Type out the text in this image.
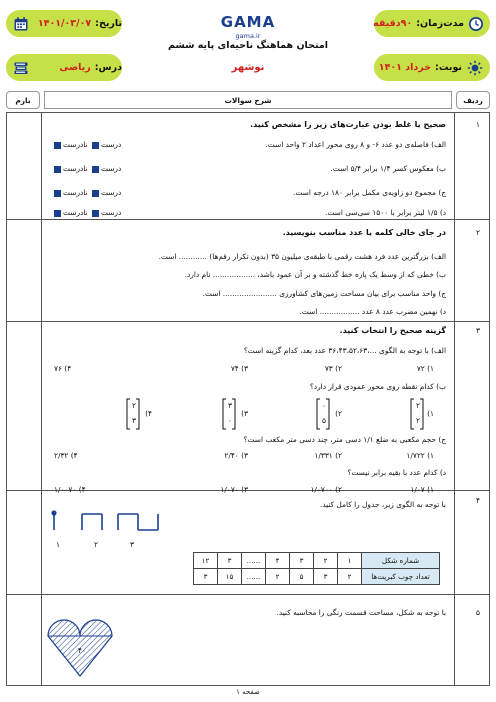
مدت‌زمان:
۹۰دقیقه
GAMA
gama.ir
تاریخ:
۱۴۰۱/۰۳/۰۷
امتحان هماهنگ ناحیه‌ای پایه ششم
نوبت:
خرداد ۱۴۰۱
درس:
ریاضی	نوشهر
ردیف
شرح سوالات
بارم
۱
صحیح یا غلط بودن عبارت‌های زیر را مشخص کنید.
الف) فاصله‌ی دو عدد ۶- و ۸ روی محور اعداد ۲ واحد است.
ب) معکوس کسر ۱/۴ برابر ۵/۴ است.
ج) مجموع دو زاویه‌ی مکمل برابر ۱۸۰ درجه است.
د) ۱/۵ لیتر برابر با ۱۵۰۰ سی‌سی است.
درست نادرست
درست نادرست
درست نادرست
درست نادرست
۲
در جای خالی کلمه یا عدد مناسب بنویسید.
الف) بزرگترین عدد فرد هشت رقمی با طبقه‌ی میلیون ۳۵ (بدون تکرار رقم‌ها) ............ است.
ب) خطی که از وسط یک پاره خط گذشته و بر آن عمود باشد، .................. نام دارد.
ج) واحد مناسب برای بیان مساحت زمین‌های کشاورزی ....................... است.
د) نهمین مضرب عدد ۸ عدد ................. است.
۳
گزینه صحیح را انتخاب کنید.
الف) با توجه به الگوی ...،۳۶،۴۳،۵۲،۶۳ عدد بعد، کدام گزینه است؟
۱) ۷۲
۲) ۷۳
۳) ۷۴
۴) ۷۶
ب) کدام نقطه روی محور عمودی قرار دارد؟
۱)
۲
۲
۲)
۰
۵
۳)
۳
۰
۴)
۲
۳
ج) حجم مکعبی به ضلع ۱/۱ دسی متر، چند دسی متر مکعب است؟
۱) ۱/۷۲۲
۲) ۱/۳۳۱
۳) ۲/۴۰
۴) ۲/۳۲
د) کدام عدد با بقیه برابر نیست؟
۱) ۱/۰۷
۲) ۱/۰۷۰۰
۳) ۱/۰۷۰
۴) ۱/۰۰۷۰
۴
با توجه به الگوی زیر، جدول را کامل کنید.
۱	۲	۳
شماره شکل	۱	۲	۳	۴	......	۳	۱۲
تعداد چوب کبریت‌ها	۲	۳	۵	۲	......	۱۵	۳
۵
با توجه به شکل، مساحت قسمت رنگی را محاسبه کنید.
۴۰
صفحه ۱
